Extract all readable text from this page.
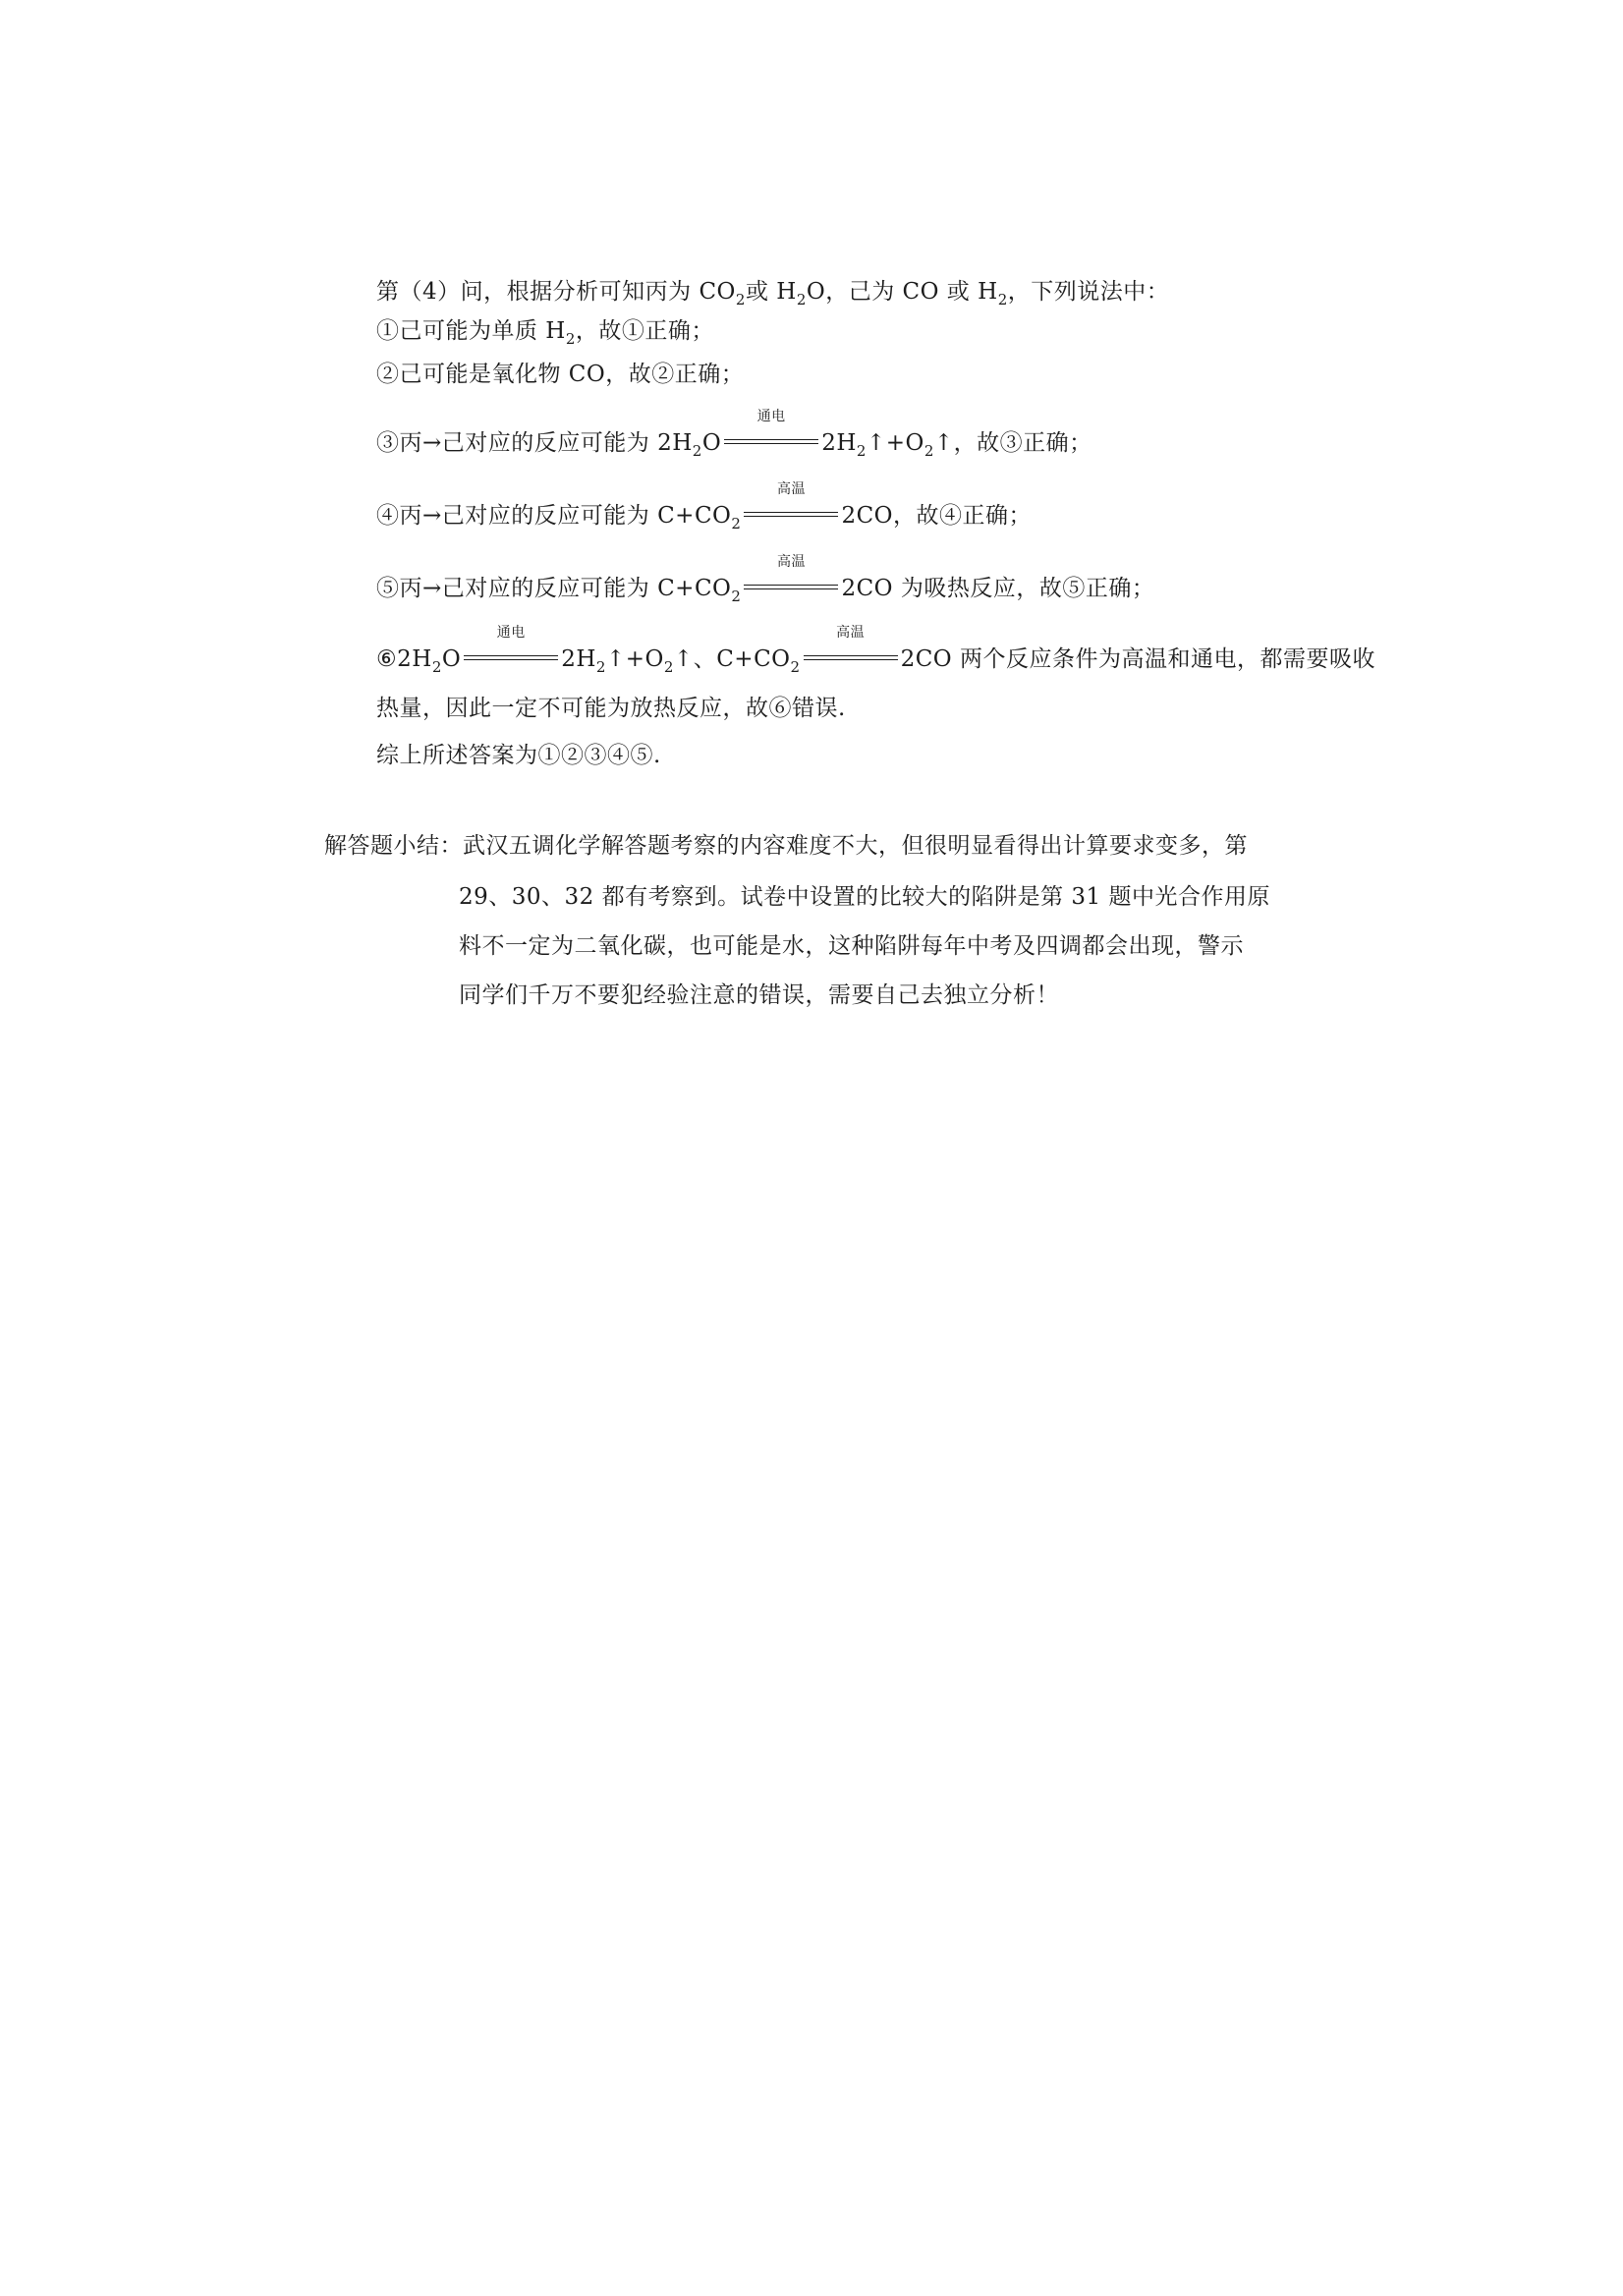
第（4）问，根据分析可知丙为 $CO_2$或 $H_2O$，己为 CO 或 $H_2$，下列说法中：
①己可能为单质 $H_2$，故①正确；
②己可能是氧化物 CO，故②正确；
③丙→己对应的反应可能为 $2H_2O$
通电
$2H_2↑+O_2↑$，故③正确；
④丙→己对应的反应可能为 $C+CO_2$
高温
2CO，故④正确；
⑤丙→己对应的反应可能为 $C+CO_2$
高温
2CO 为吸热反应，故⑤正确；
$⑥2H_2O$
通电
$2H_2↑+O_2↑$、$C+CO_2$
高温
2CO 两个反应条件为高温和通电，都需要吸收
热量，因此一定不可能为放热反应，故⑥错误.
综上所述答案为①②③④⑤.
解答题小结：武汉五调化学解答题考察的内容难度不大，但很明显看得出计算要求变多，第
29、30、32 都有考察到。试卷中设置的比较大的陷阱是第 31 题中光合作用原
料不一定为二氧化碳，也可能是水，这种陷阱每年中考及四调都会出现，警示
同学们千万不要犯经验注意的错误，需要自己去独立分析！
